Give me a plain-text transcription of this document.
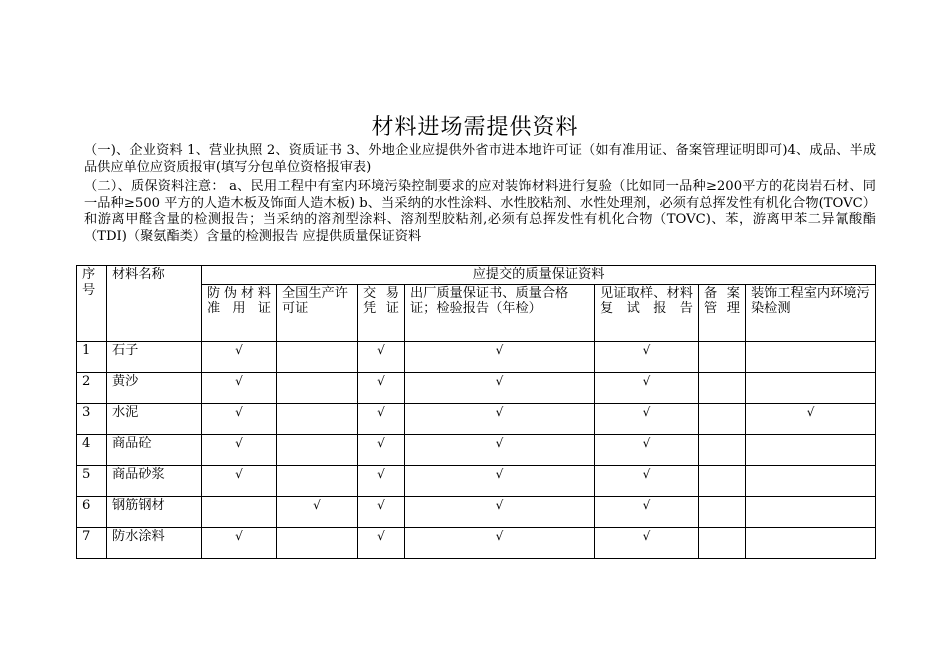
材料进场需提供资料

（一)、企业资料 1、营业执照 2、资质证书 3、外地企业应提供外省市进本地许可证（如有准用证、备案管理证明即可)4、成品、半成品供应单位应资质报审(填写分包单位资格报审表)

（二）、质保资料注意： a、民用工程中有室内环境污染控制要求的应对装饰材料进行复验（比如同一品种≥200平方的花岗岩石材、同一品种≥500 平方的人造木板及饰面人造木板) b、当采纳的水性涂料、水性胶粘剂、水性处理剂，必须有总挥发性有机化合物(TOVC）和游离甲醛含量的检测报告；当采纳的溶剂型涂料、溶剂型胶粘剂,必须有总挥发性有机化合物（TOVC)、苯，游离甲苯二异氰酸酯（TDI)（聚氨酯类）含量的检测报告 应提供质量保证资料

序号	材料名称	应提交的质量保证资料						
		防伪材料准用证	全国生产许可证	交易凭证	出厂质量保证书、质量合格证；检验报告（年检）	见证取样、材料复试报告	备案管理	装饰工程室内环境污染检测
1	石子	√		√	√	√		
2	黄沙	√		√	√	√		
3	水泥	√		√	√	√		√
4	商品砼	√		√	√	√		
5	商品砂浆	√		√	√	√		
6	钢筋钢材		√	√	√	√		
7	防水涂料	√		√	√	√		
